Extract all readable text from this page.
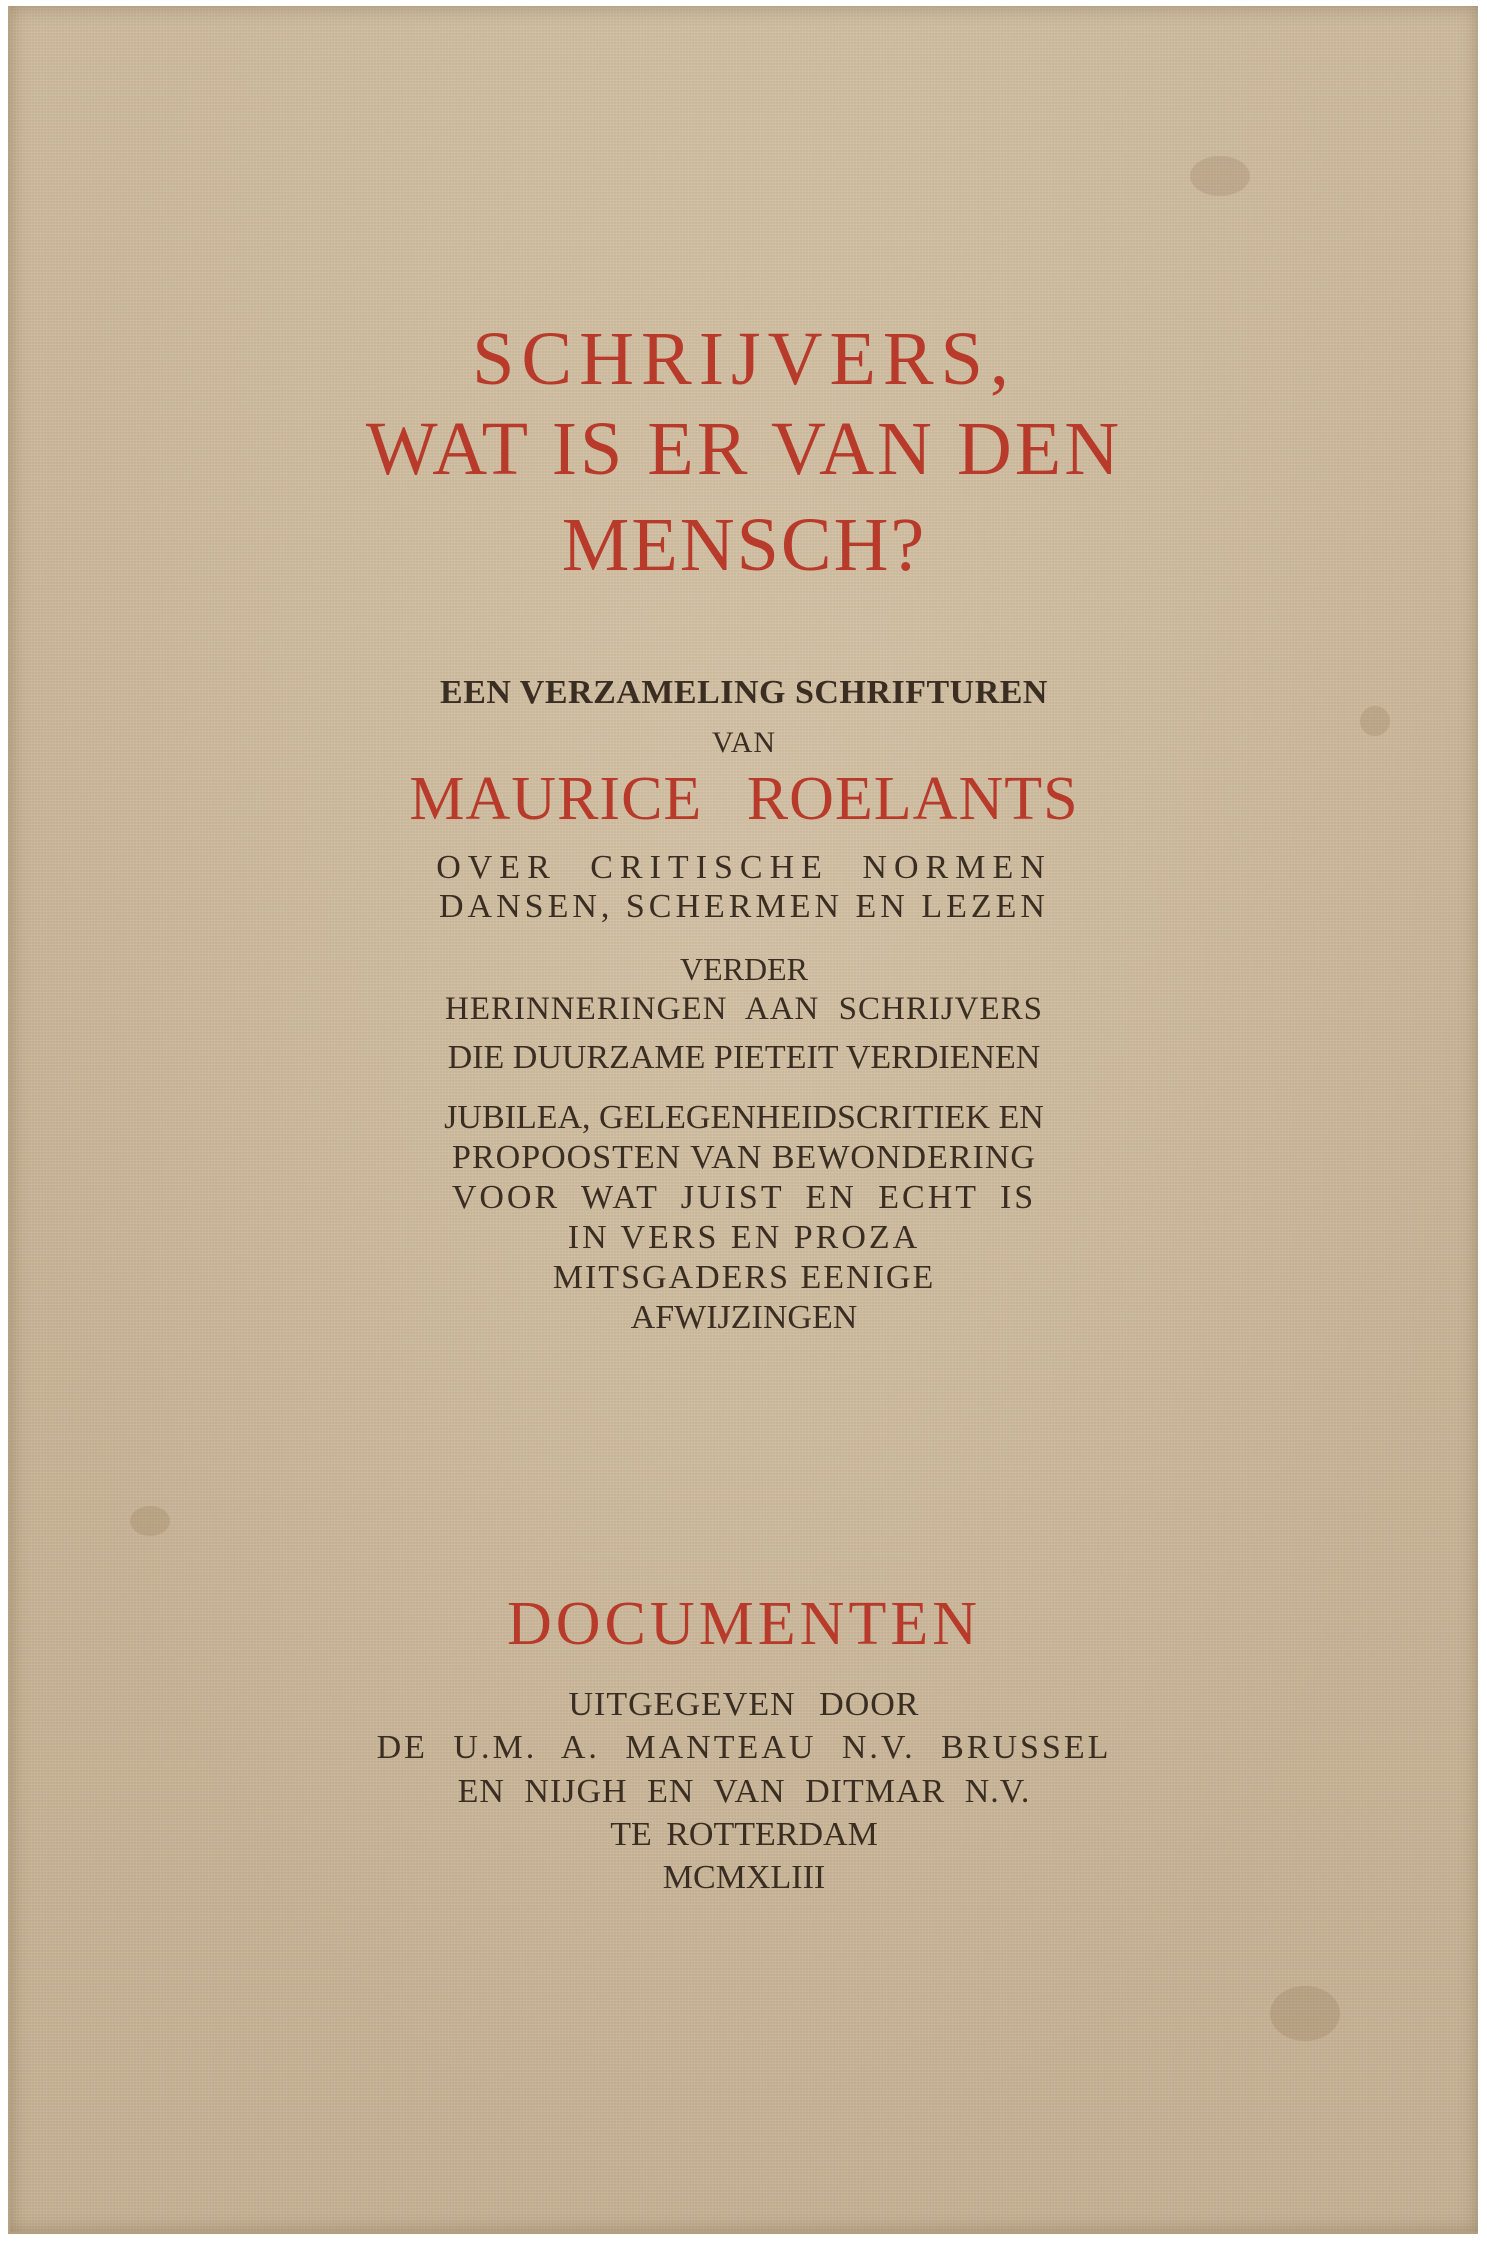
SCHRIJVERS,
WAT IS ER VAN DEN
MENSCH?
EEN VERZAMELING SCHRIFTUREN
VAN
MAURICE ROELANTS
OVER CRITISCHE NORMEN
DANSEN, SCHERMEN EN LEZEN
VERDER
HERINNERINGEN AAN SCHRIJVERS
DIE DUURZAME PIETEIT VERDIENEN
JUBILEA, GELEGENHEIDSCRITIEK EN
PROPOOSTEN VAN BEWONDERING
VOOR WAT JUIST EN ECHT IS
IN VERS EN PROZA
MITSGADERS EENIGE
AFWIJZINGEN
DOCUMENTEN
UITGEGEVEN DOOR
DE U.M. A. MANTEAU N.V. BRUSSEL
EN NIJGH EN VAN DITMAR N.V.
TE ROTTERDAM
MCMXLIII
